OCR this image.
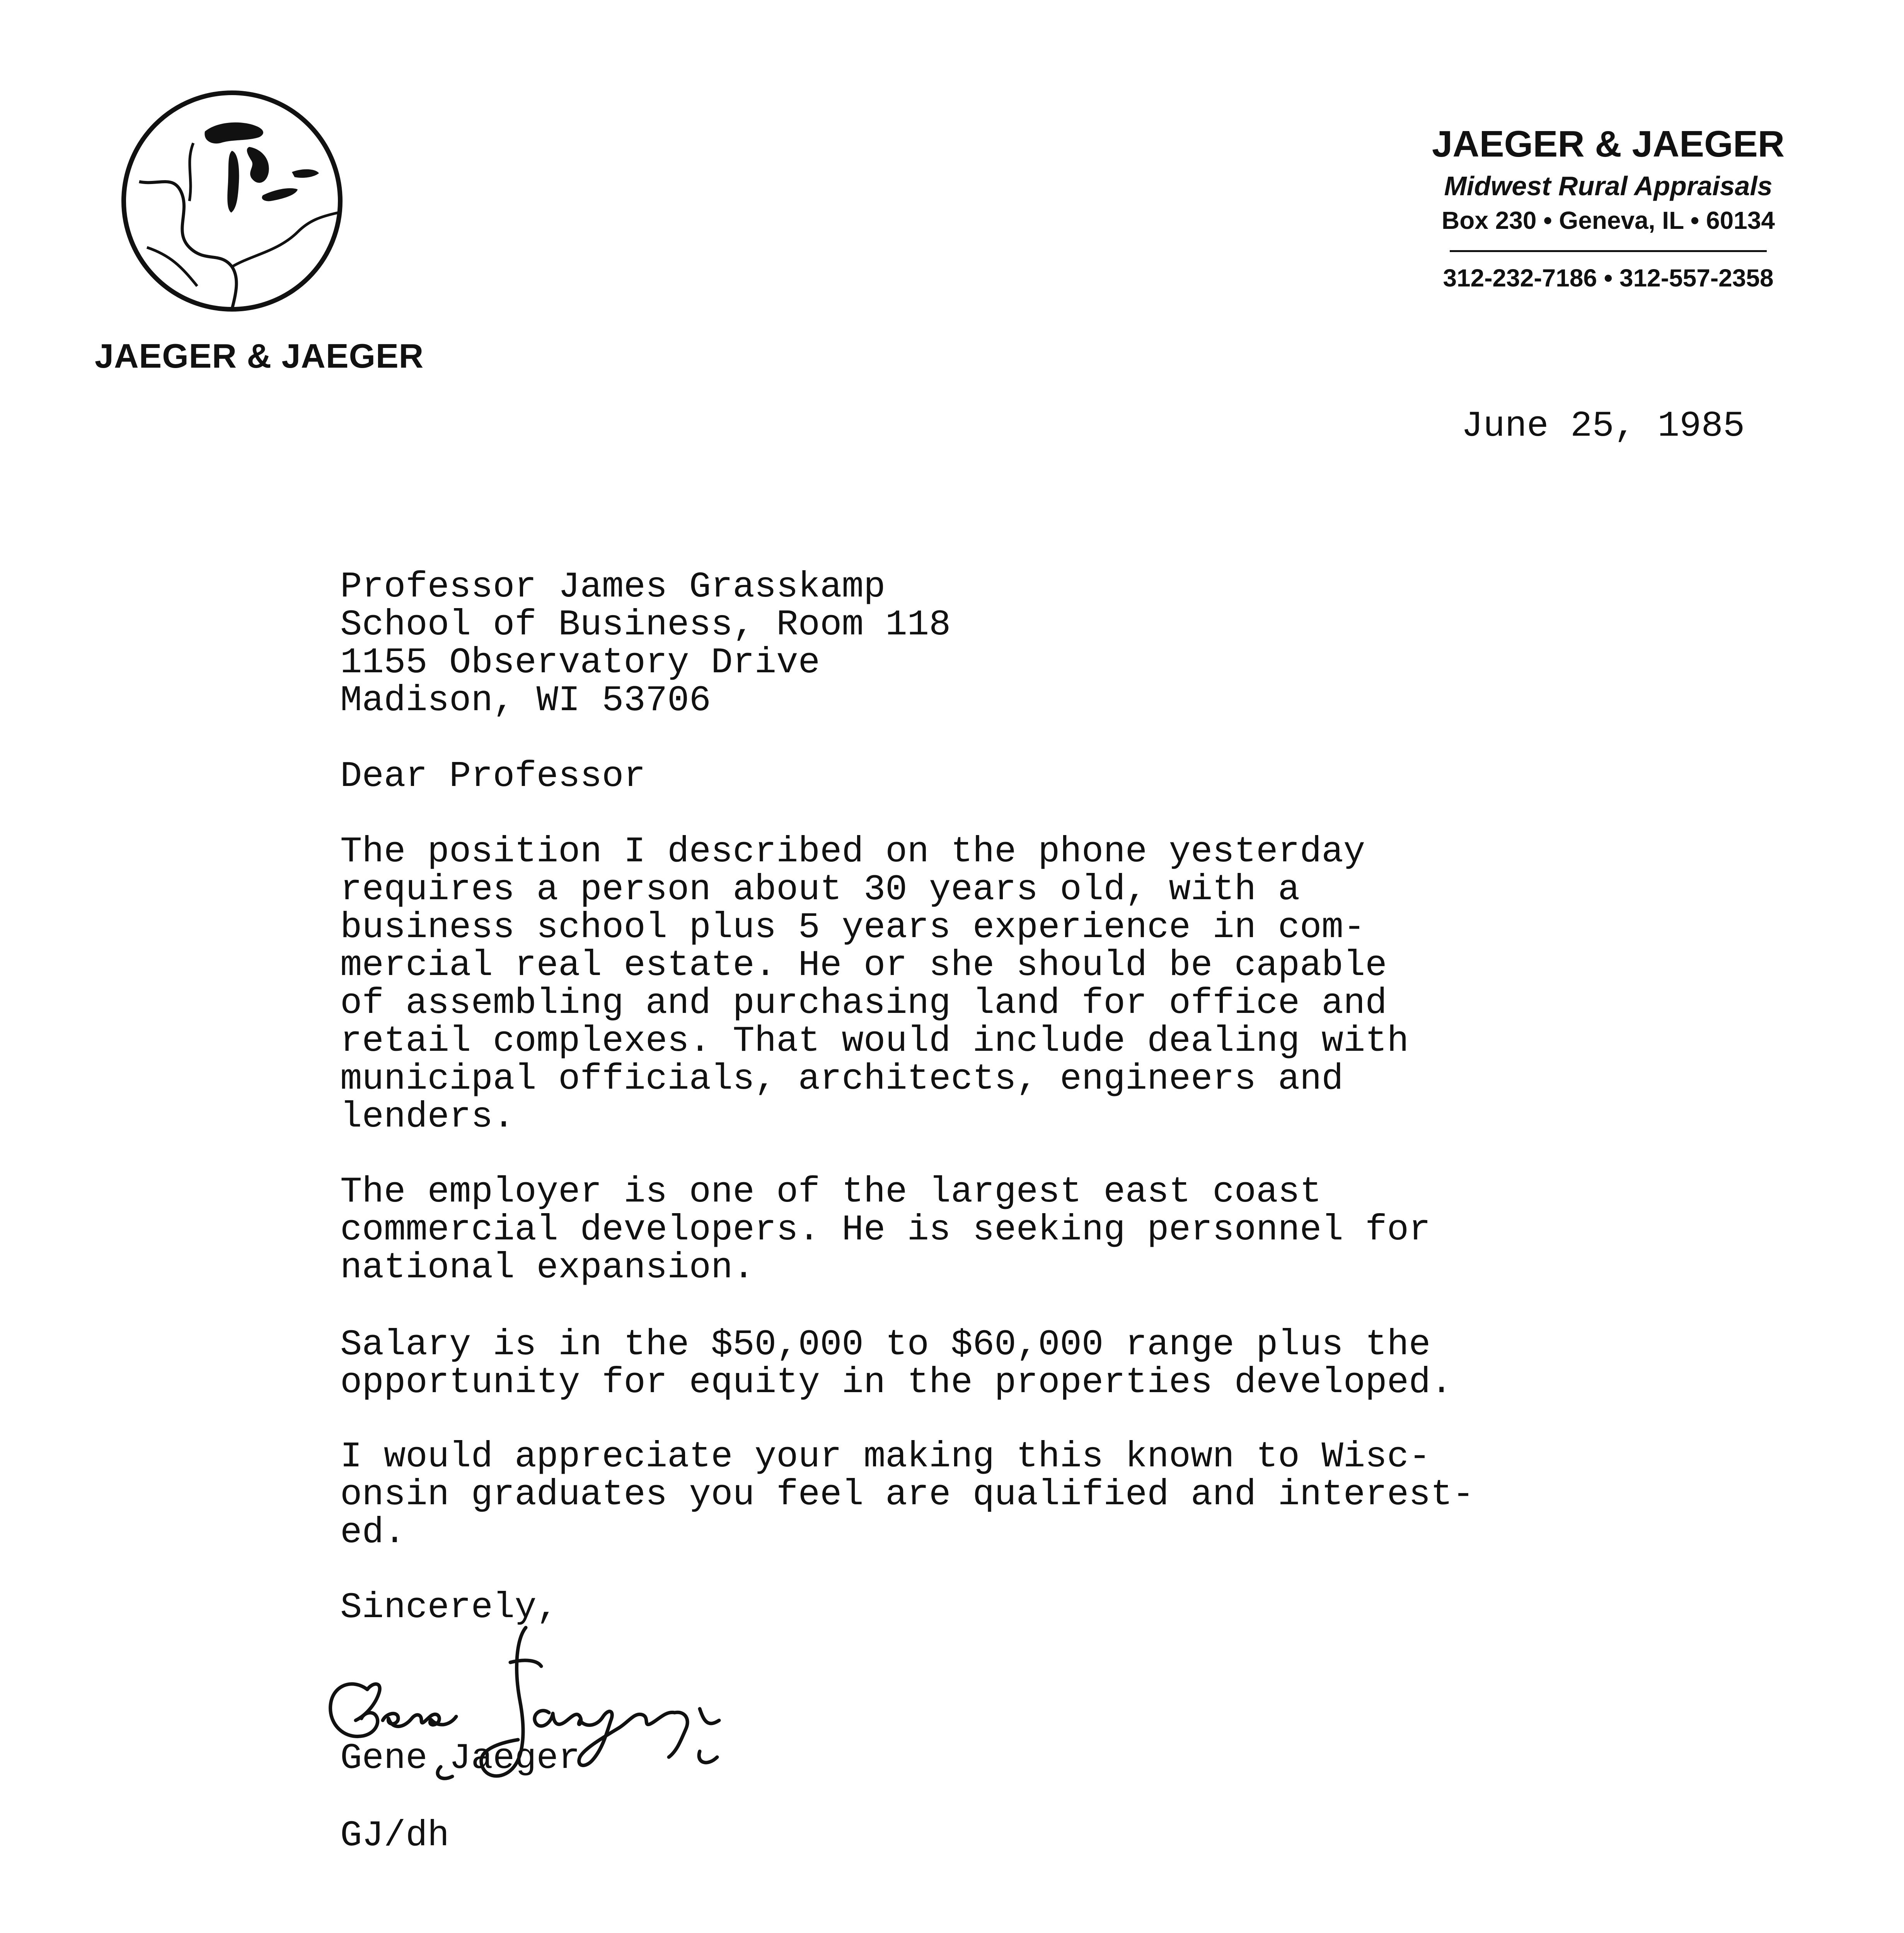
JAEGER & JAEGER
JAEGER & JAEGER
Midwest Rural Appraisals
Box 230 • Geneva, IL • 60134
312-232-7186 • 312-557-2358
June 25, 1985
Professor James Grasskamp
School of Business, Room 118
1155 Observatory Drive
Madison, WI 53706
Dear Professor
The position I described on the phone yesterday
requires a person about 30 years old, with a
business school plus 5 years experience in com-
mercial real estate. He or she should be capable
of assembling and purchasing land for office and
retail complexes. That would include dealing with
municipal officials, architects, engineers and
lenders.
The employer is one of the largest east coast
commercial developers. He is seeking personnel for
national expansion.
Salary is in the $50,000 to $60,000 range plus the
opportunity for equity in the properties developed.
I would appreciate your making this known to Wisc-
onsin graduates you feel are qualified and interest-
ed.
Sincerely,
Gene Jaeger
GJ/dh
